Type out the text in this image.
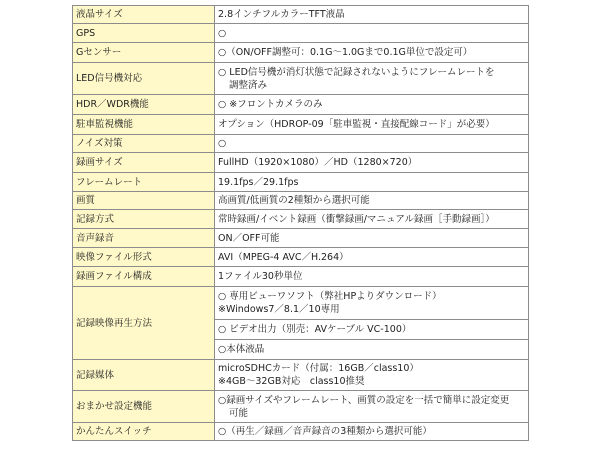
液晶サイズ	2.8インチフルカラーTFT液晶
GPS	○
Gセンサー	○（ON/OFF調整可：0.1G～1.0Gまで0.1G単位で設定可）
LED信号機対応	○ LED信号機が消灯状態で記録されないようにフレームレートを
調整済み

HDR／WDR機能	○ ※フロントカメラのみ
駐車監視機能	オプション（HDROP-09「駐車監視・直接配線コード」が必要）
ノイズ対策	○
録画サイズ	FullHD（1920×1080）／HD（1280×720）
フレームレート	19.1fps／29.1fps
画質	高画質/低画質の2種類から選択可能
記録方式	常時録画/イベント録画（衝撃録画/マニュアル録画［手動録画］）
音声録音	ON／OFF可能
映像ファイル形式	AVI（MPEG-4 AVC／H.264）
録画ファイル構成	1ファイル30秒単位
記録映像再生方法	○ 専用ビューワソフト（弊社HPよりダウンロード）
※Windows7／8.1／10専用

	○ ビデオ出力（別売：AVケーブル VC-100）
	○本体液晶
記録媒体	microSDHCカード（付属：16GB／class10）
※4GB～32GB対応　class10推奨

おまかせ設定機能	○録画サイズやフレームレート、画質の設定を一括で簡単に設定変更
可能

かんたんスイッチ	○（再生／録画／音声録音の3種類から選択可能）
